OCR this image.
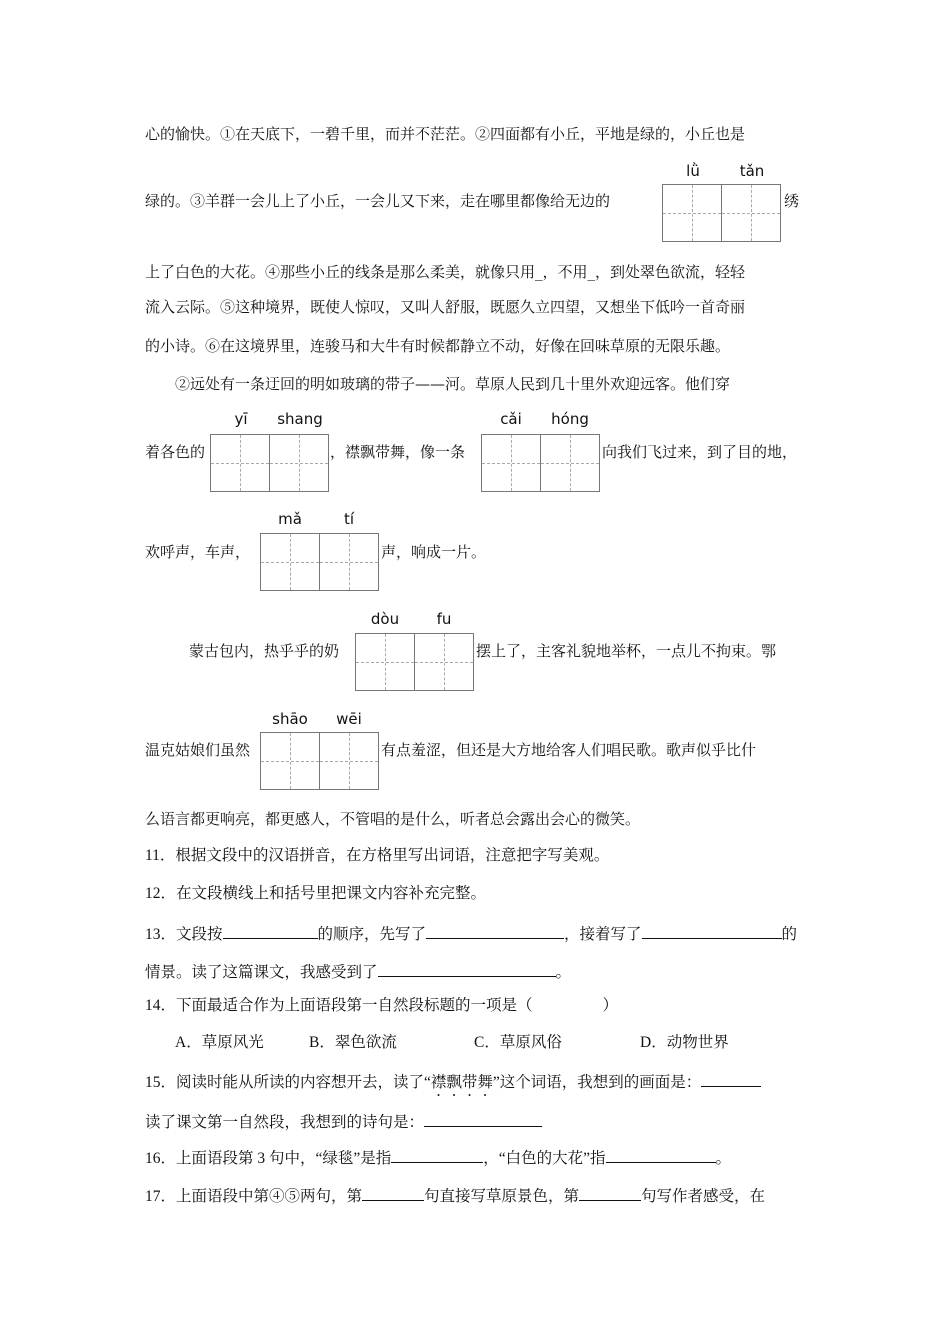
心的愉快。①在天底下，一碧千里，而并不茫茫。②四面都有小丘，平地是绿的，小丘也是
绿的。③羊群一会儿上了小丘，一会儿又下来，走在哪里都像给无边的
lǜ	tǎn
绣
上了白色的大花。④那些小丘的线条是那么柔美，就像只用_，不用_，到处翠色欲流，轻轻
流入云际。⑤这种境界，既使人惊叹，又叫人舒服，既愿久立四望，又想坐下低吟一首奇丽
的小诗。⑥在这境界里，连骏马和大牛有时候都静立不动，好像在回味草原的无限乐趣。
②远处有一条迂回的明如玻璃的带子——河。草原人民到几十里外欢迎远客。他们穿
着各色的
yī	shang
，襟飘带舞，像一条
cǎi	hóng
向我们飞过来，到了目的地，
欢呼声，车声，
mǎ	tí
声，响成一片。
蒙古包内，热乎乎的奶
dòu	fu
摆上了，主客礼貌地举杯，一点儿不拘束。鄂
温克姑娘们虽然
shāo	wēi
有点羞涩，但还是大方地给客人们唱民歌。歌声似乎比什
么语言都更响亮，都更感人，不管唱的是什么，听者总会露出会心的微笑。
11．根据文段中的汉语拼音，在方格里写出词语，注意把字写美观。
12．在文段横线上和括号里把课文内容补充完整。
13．文段按	的顺序，先写了	，接着写了	的
情景。读了这篇课文，我感受到了	。
14．下面最适合作为上面语段第一自然段标题的一项是（	）
A．草原风光	B．翠色欲流	C．草原风俗	D．动物世界
15．阅读时能从所读的内容想开去，读了“襟飘带舞”这个词语，我想到的画面是：
读了课文第一自然段，我想到的诗句是：
16．上面语段第 3 句中，“绿毯”是指	，“白色的大花”指	。
17．上面语段中第④⑤两句，第	句直接写草原景色，第	句写作者感受，在
